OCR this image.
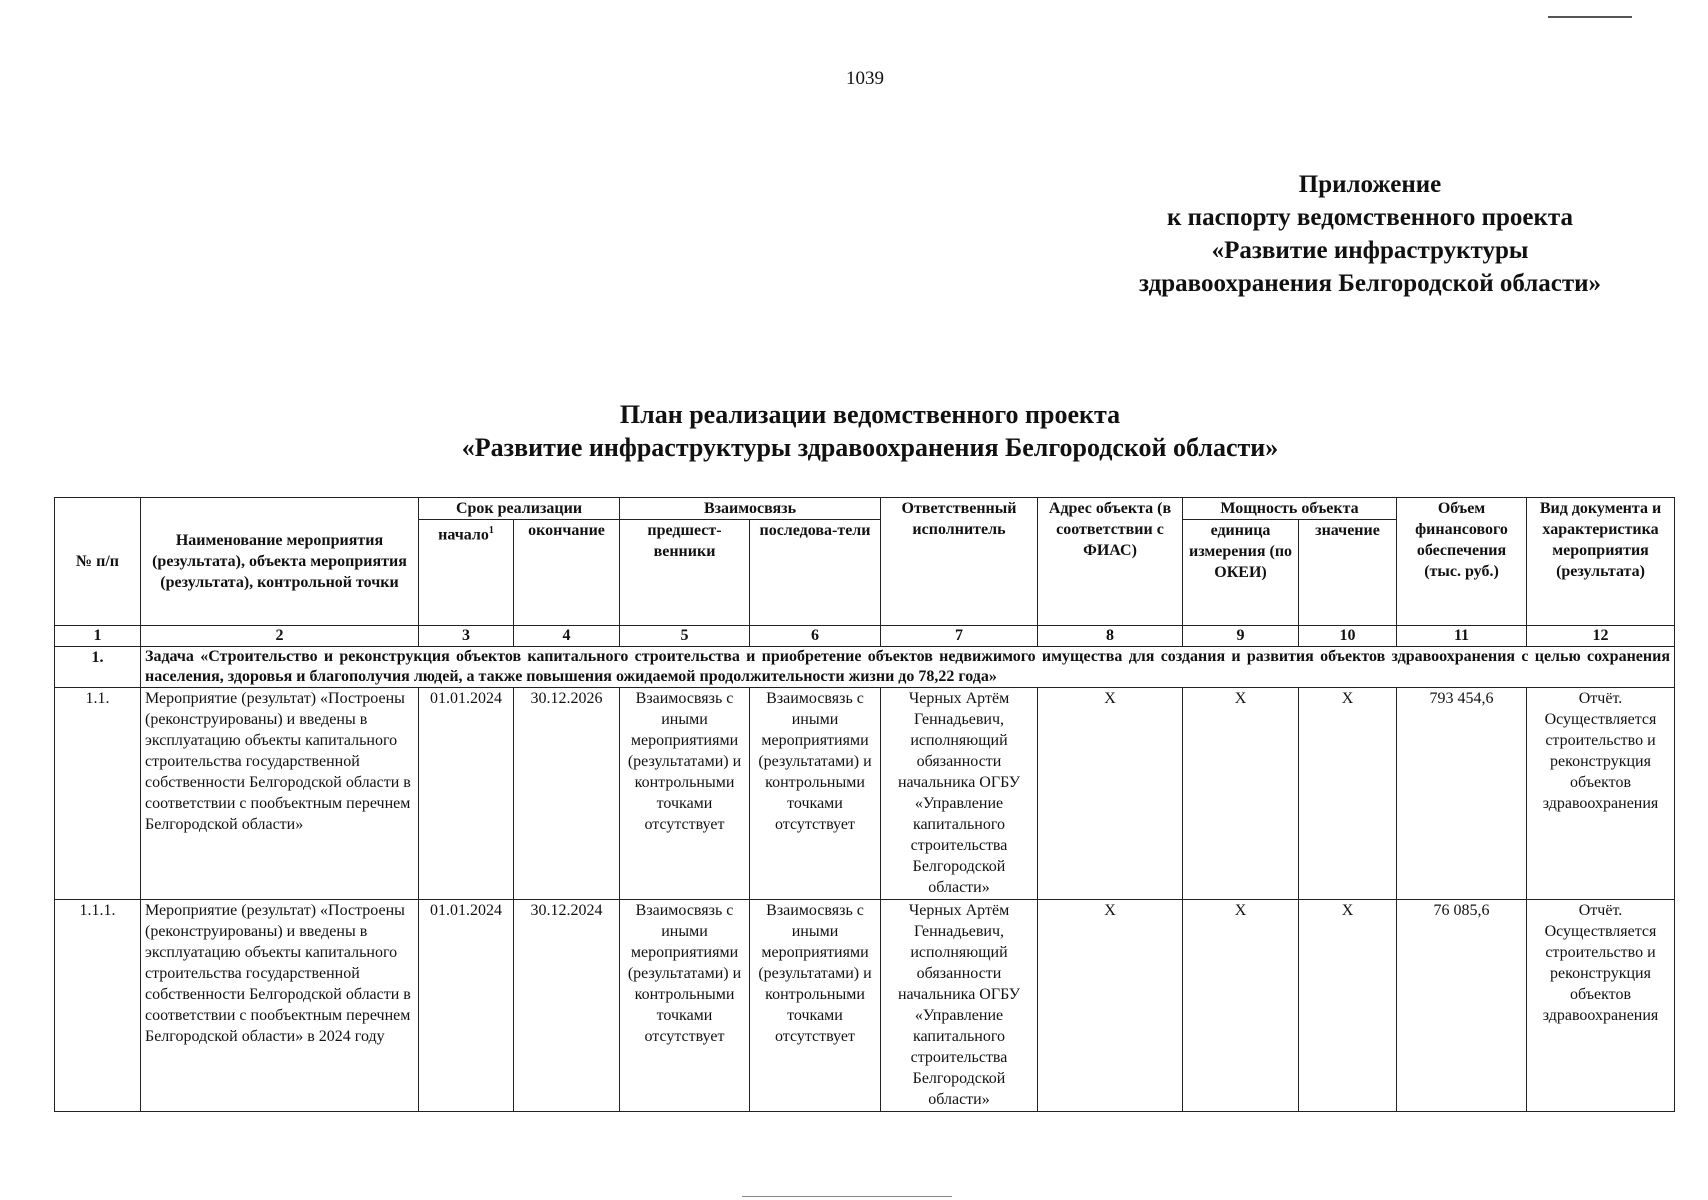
1039
Приложение
к паспорту ведомственного проекта
«Развитие инфраструктуры
здравоохранения Белгородской области»
План реализации ведомственного проекта
«Развитие инфраструктуры здравоохранения Белгородской области»
№ п/п	Наименование мероприятия (результата), объекта мероприятия (результата), контрольной точки	Срок реализации		Взаимосвязь		Ответственный исполнитель	Адрес объекта (в соответствии с ФИАС)	Мощность объекта		Объем финансового обеспечения (тыс. руб.)	Вид документа и характеристика мероприятия (результата)
		начало$^1$	окончание	предшест-венники	последова-тели			единица измерения (по ОКЕИ)	значение		
1	2	3	4	5	6	7	8	9	10	11	12
1.	Задача «Строительство и реконструкция объектов капитального строительства и приобретение объектов недвижимого имущества для создания и развития объектов здравоохранения с целью сохранения населения, здоровья и благополучия людей, а также повышения ожидаемой продолжительности жизни до 78,22 года»										
1.1.	Мероприятие (результат) «Построены (реконструированы) и введены в эксплуатацию объекты капитального строительства государственной собственности Белгородской области в соответствии с пообъектным перечнем Белгородской области»	01.01.2024	30.12.2026	Взаимосвязь с иными мероприятиями (результатами) и контрольными точками отсутствует	Взаимосвязь с иными мероприятиями (результатами) и контрольными точками отсутствует	Черных Артём Геннадьевич, исполняющий обязанности начальника ОГБУ «Управление капитального строительства Белгородской области»	Х	Х	Х	793 454,6	Отчёт. Осуществляется строительство и реконструкция объектов здравоохранения
1.1.1.	Мероприятие (результат) «Построены (реконструированы) и введены в эксплуатацию объекты капитального строительства государственной собственности Белгородской области в соответствии с пообъектным перечнем Белгородской области» в 2024 году	01.01.2024	30.12.2024	Взаимосвязь с иными мероприятиями (результатами) и контрольными точками отсутствует	Взаимосвязь с иными мероприятиями (результатами) и контрольными точками отсутствует	Черных Артём Геннадьевич, исполняющий обязанности начальника ОГБУ «Управление капитального строительства Белгородской области»	Х	Х	Х	76 085,6	Отчёт. Осуществляется строительство и реконструкция объектов здравоохранения
